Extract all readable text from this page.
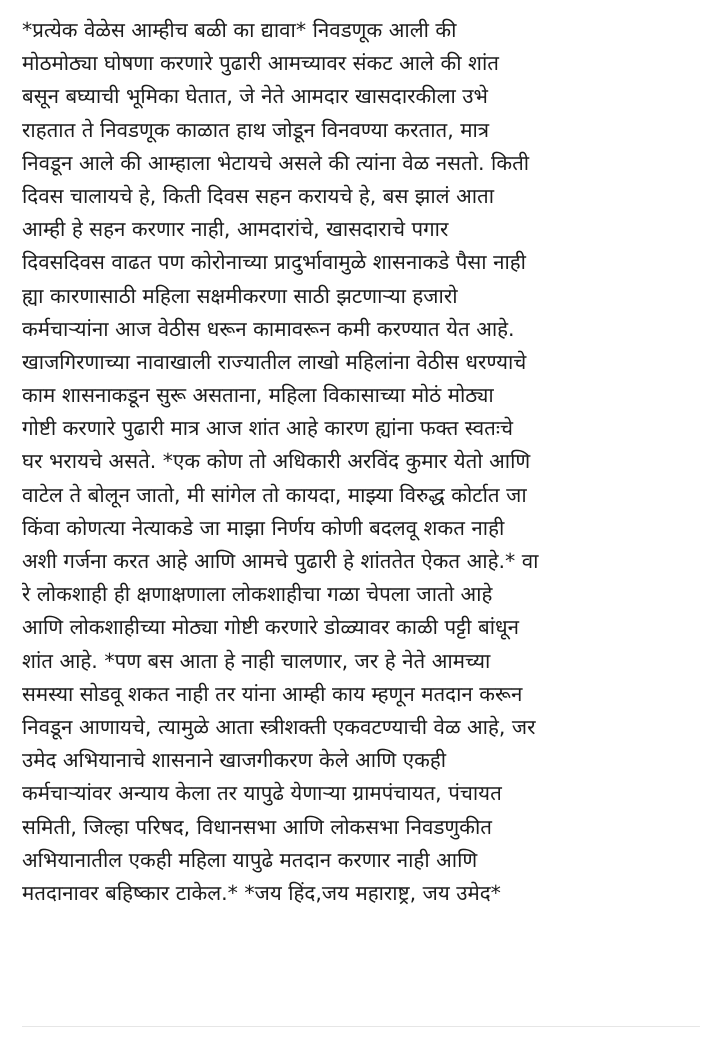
*प्रत्येक वेळेस आम्हीच बळी का द्यावा* निवडणूक आली की
मोठमोठ्या घोषणा करणारे पुढारी आमच्यावर संकट आले की शांत
बसून बघ्याची भूमिका घेतात, जे नेते आमदार खासदारकीला उभे
राहतात ते निवडणूक काळात हाथ जोडून विनवण्या करतात, मात्र
निवडून आले की आम्हाला भेटायचे असले की त्यांना वेळ नसतो. किती
दिवस चालायचे हे, किती दिवस सहन करायचे हे, बस झालं आता
आम्ही हे सहन करणार नाही, आमदारांचे, खासदाराचे पगार
दिवसदिवस वाढत पण कोरोनाच्या प्रादुर्भावामुळे शासनाकडे पैसा नाही
ह्या कारणासाठी महिला सक्षमीकरणा साठी झटणाऱ्या हजारो
कर्मचाऱ्यांना आज वेठीस धरून कामावरून कमी करण्यात येत आहे.
खाजगिरणाच्या नावाखाली राज्यातील लाखो महिलांना वेठीस धरण्याचे
काम शासनाकडून सुरू असताना, महिला विकासाच्या मोठं मोठ्या
गोष्टी करणारे पुढारी मात्र आज शांत आहे कारण ह्यांना फक्त स्वतःचे
घर भरायचे असते. *एक कोण तो अधिकारी अरविंद कुमार येतो आणि
वाटेल ते बोलून जातो, मी सांगेल तो कायदा, माझ्या विरुद्ध कोर्टात जा
किंवा कोणत्या नेत्याकडे जा माझा निर्णय कोणी बदलवू शकत नाही
अशी गर्जना करत आहे आणि आमचे पुढारी हे शांततेत ऐकत आहे.* वा
रे लोकशाही ही क्षणाक्षणाला लोकशाहीचा गळा चेपला जातो आहे
आणि लोकशाहीच्या मोठ्या गोष्टी करणारे डोळ्यावर काळी पट्टी बांधून
शांत आहे. *पण बस आता हे नाही चालणार, जर हे नेते आमच्या
समस्या सोडवू शकत नाही तर यांना आम्ही काय म्हणून मतदान करून
निवडून आणायचे, त्यामुळे आता स्त्रीशक्ती एकवटण्याची वेळ आहे, जर
उमेद अभियानाचे शासनाने खाजगीकरण केले आणि एकही
कर्मचाऱ्यांवर अन्याय केला तर यापुढे येणाऱ्या ग्रामपंचायत, पंचायत
समिती, जिल्हा परिषद, विधानसभा आणि लोकसभा निवडणुकीत
अभियानातील एकही महिला यापुढे मतदान करणार नाही आणि
मतदानावर बहिष्कार टाकेल.* *जय हिंद,जय महाराष्ट्र, जय उमेद*
